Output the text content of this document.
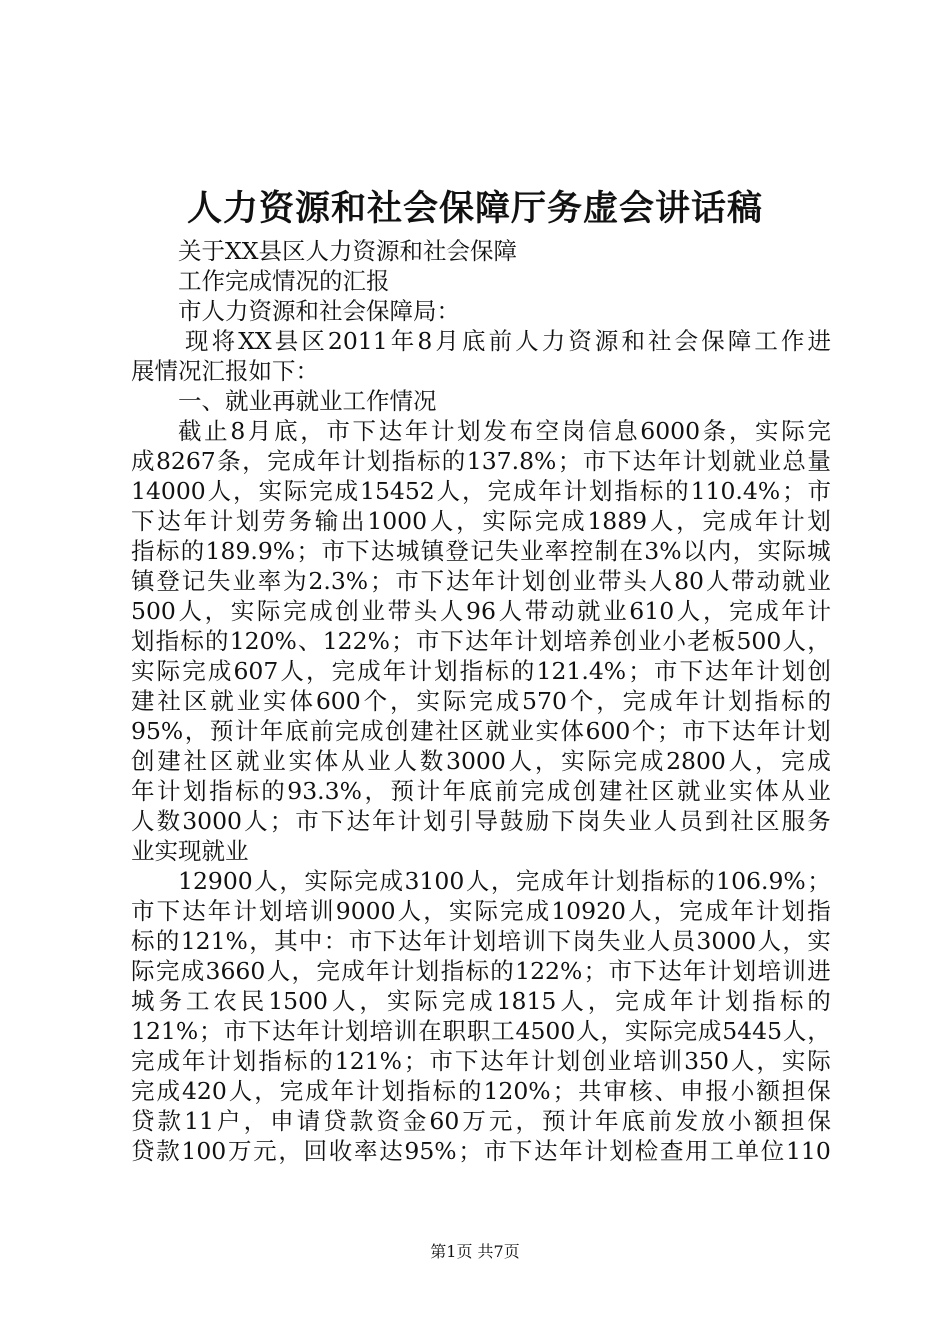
人力资源和社会保障厅务虚会讲话稿
关于XX县区人力资源和社会保障
工作完成情况的汇报
市人力资源和社会保障局：
现 将 XX 县 区 2011 年 8 月 底 前 人 力 资 源 和 社 会 保 障 工 作 进
展情况汇报如下：
一、就业再就业工作情况
截 止 8 月 底 ， 市 下 达 年 计 划 发 布 空 岗 信 息 6000 条 ， 实 际 完
成 8267 条 ， 完 成 年 计 划 指 标 的 137.8% ； 市 下 达 年 计 划 就 业 总 量
14000 人 ， 实 际 完 成 15452 人 ， 完 成 年 计 划 指 标 的 110.4% ； 市
下 达 年 计 划 劳 务 输 出 1000 人 ， 实 际 完 成 1889 人 ， 完 成 年 计 划
指 标 的 189.9% ； 市 下 达 城 镇 登 记 失 业 率 控 制 在 3% 以 内 ， 实 际 城
镇 登 记 失 业 率 为 2.3% ； 市 下 达 年 计 划 创 业 带 头 人 80 人 带 动 就 业
500 人 ， 实 际 完 成 创 业 带 头 人 96 人 带 动 就 业 610 人 ， 完 成 年 计
划 指 标 的 120% 、 122% ； 市 下 达 年 计 划 培 养 创 业 小 老 板 500 人 ，
实 际 完 成 607 人 ， 完 成 年 计 划 指 标 的 121.4% ； 市 下 达 年 计 划 创
建 社 区 就 业 实 体 600 个 ， 实 际 完 成 570 个 ， 完 成 年 计 划 指 标 的
95% ， 预 计 年 底 前 完 成 创 建 社 区 就 业 实 体 600 个 ； 市 下 达 年 计 划
创 建 社 区 就 业 实 体 从 业 人 数 3000 人 ， 实 际 完 成 2800 人 ， 完 成
年 计 划 指 标 的 93.3% ， 预 计 年 底 前 完 成 创 建 社 区 就 业 实 体 从 业
人 数 3000 人 ； 市 下 达 年 计 划 引 导 鼓 励 下 岗 失 业 人 员 到 社 区 服 务
业实现就业
12900 人 ， 实 际 完 成 3100 人 ， 完 成 年 计 划 指 标 的 106.9% ；
市 下 达 年 计 划 培 训 9000 人 ， 实 际 完 成 10920 人 ， 完 成 年 计 划 指
标 的 121% ， 其 中 ： 市 下 达 年 计 划 培 训 下 岗 失 业 人 员 3000 人 ， 实
际 完 成 3660 人 ， 完 成 年 计 划 指 标 的 122% ； 市 下 达 年 计 划 培 训 进
城 务 工 农 民 1500 人 ， 实 际 完 成 1815 人 ， 完 成 年 计 划 指 标 的
121% ； 市 下 达 年 计 划 培 训 在 职 职 工 4500 人 ， 实 际 完 成 5445 人 ，
完 成 年 计 划 指 标 的 121% ； 市 下 达 年 计 划 创 业 培 训 350 人 ， 实 际
完 成 420 人 ， 完 成 年 计 划 指 标 的 120% ； 共 审 核 、 申 报 小 额 担 保
贷 款 11 户 ， 申 请 贷 款 资 金 60 万 元 ， 预 计 年 底 前 发 放 小 额 担 保
贷 款 100 万 元 ， 回 收 率 达 95% ； 市 下 达 年 计 划 检 查 用 工 单 位 110
第1页 共7页
